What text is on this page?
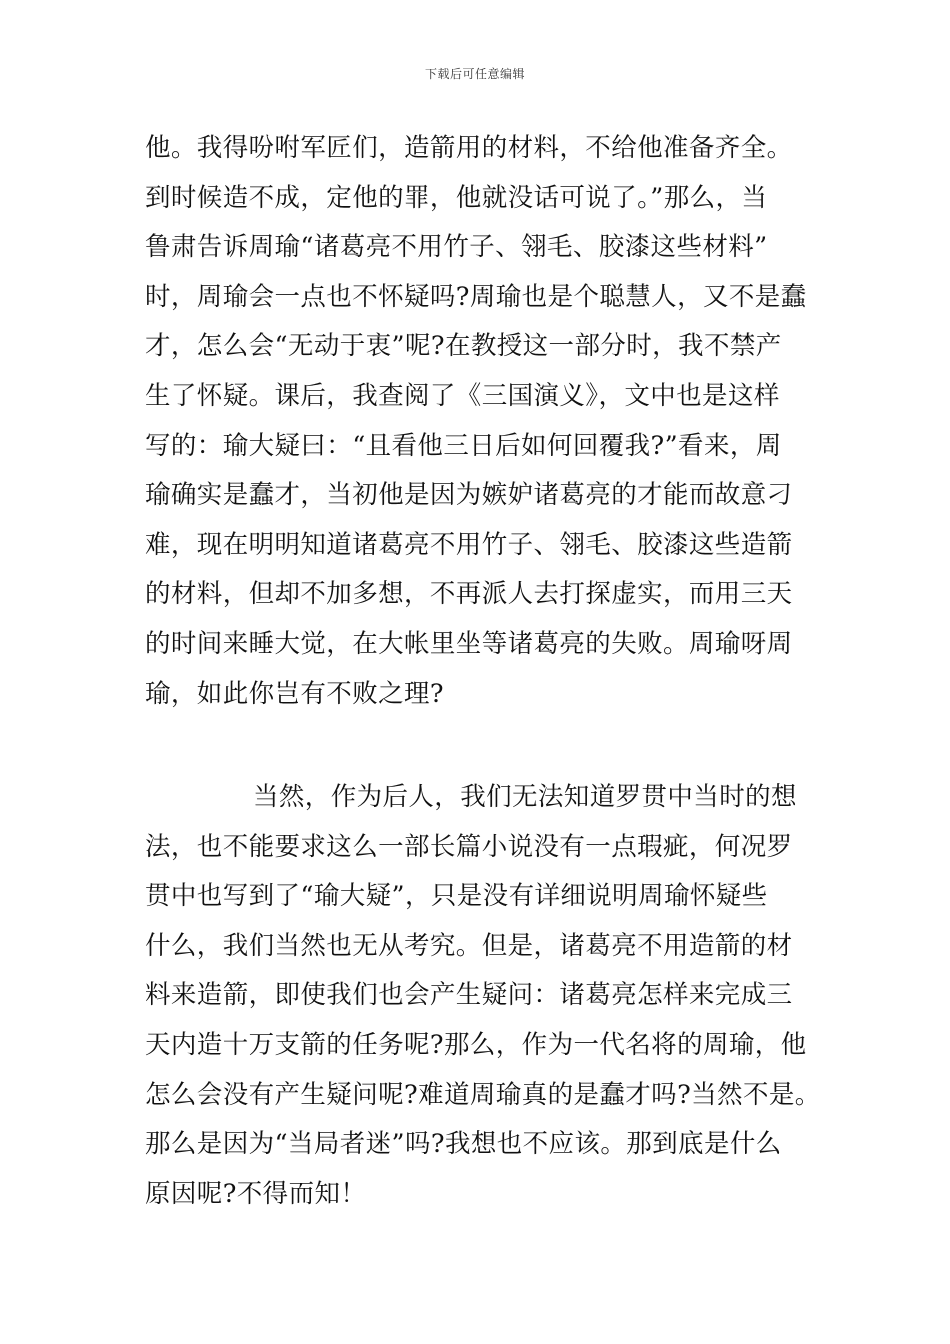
下载后可任意编辑
他。我得吩咐军匠们，造箭用的材料，不给他准备齐全。
到时候造不成，定他的罪，他就没话可说了。”那么，当
鲁肃告诉周瑜“诸葛亮不用竹子、翎毛、胶漆这些材料”
时，周瑜会一点也不怀疑吗?周瑜也是个聪慧人，又不是蠢
才，怎么会“无动于衷”呢?在教授这一部分时，我不禁产
生了怀疑。课后，我查阅了《三国演义》，文中也是这样
写的：瑜大疑曰：“且看他三日后如何回覆我?”看来，周
瑜确实是蠢才，当初他是因为嫉妒诸葛亮的才能而故意刁
难，现在明明知道诸葛亮不用竹子、翎毛、胶漆这些造箭
的材料，但却不加多想，不再派人去打探虚实，而用三天
的时间来睡大觉，在大帐里坐等诸葛亮的失败。周瑜呀周
瑜，如此你岂有不败之理?
当然，作为后人，我们无法知道罗贯中当时的想
法，也不能要求这么一部长篇小说没有一点瑕疵，何况罗
贯中也写到了“瑜大疑”，只是没有详细说明周瑜怀疑些
什么，我们当然也无从考究。但是，诸葛亮不用造箭的材
料来造箭，即使我们也会产生疑问：诸葛亮怎样来完成三
天内造十万支箭的任务呢?那么，作为一代名将的周瑜，他
怎么会没有产生疑问呢?难道周瑜真的是蠢才吗?当然不是。
那么是因为“当局者迷”吗?我想也不应该。那到底是什么
原因呢?不得而知！
